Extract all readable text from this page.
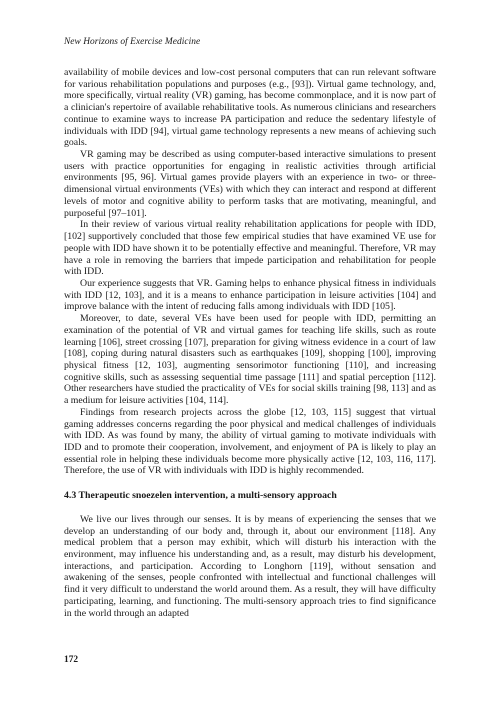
New Horizons of Exercise Medicine

availability of mobile devices and low-cost personal computers that can run relevant software for various rehabilitation populations and purposes (e.g., [93]). Virtual game technology, and, more specifically, virtual reality (VR) gaming, has become commonplace, and it is now part of a clinician's repertoire of available rehabilitative tools. As numerous clinicians and researchers continue to examine ways to increase PA participation and reduce the sedentary lifestyle of individuals with IDD [94], virtual game technology represents a new means of achieving such goals.

VR gaming may be described as using computer-based interactive simulations to present users with practice opportunities for engaging in realistic activities through artificial environments [95, 96]. Virtual games provide players with an experience in two- or three-dimensional virtual environments (VEs) with which they can interact and respond at different levels of motor and cognitive ability to perform tasks that are motivating, meaningful, and purposeful [97–101].

In their review of various virtual reality rehabilitation applications for people with IDD, [102] supportively concluded that those few empirical studies that have examined VE use for people with IDD have shown it to be potentially effective and meaningful. Therefore, VR may have a role in removing the barriers that impede participation and rehabilitation for people with IDD.

Our experience suggests that VR. Gaming helps to enhance physical fitness in individuals with IDD [12, 103], and it is a means to enhance participation in leisure activities [104] and improve balance with the intent of reducing falls among individuals with IDD [105].

Moreover, to date, several VEs have been used for people with IDD, permitting an examination of the potential of VR and virtual games for teaching life skills, such as route learning [106], street crossing [107], preparation for giving witness evidence in a court of law [108], coping during natural disasters such as earthquakes [109], shopping [100], improving physical fitness [12, 103], augmenting sensorimotor functioning [110], and increasing cognitive skills, such as assessing sequential time passage [111] and spatial perception [112]. Other researchers have studied the practicality of VEs for social skills training [98, 113] and as a medium for leisure activities [104, 114].

Findings from research projects across the globe [12, 103, 115] suggest that virtual gaming addresses concerns regarding the poor physical and medical challenges of individuals with IDD. As was found by many, the ability of virtual gaming to motivate individuals with IDD and to promote their cooperation, involvement, and enjoyment of PA is likely to play an essential role in helping these individuals become more physically active [12, 103, 116, 117]. Therefore, the use of VR with individuals with IDD is highly recommended.

4.3 Therapeutic snoezelen intervention, a multi-sensory approach

We live our lives through our senses. It is by means of experiencing the senses that we develop an understanding of our body and, through it, about our environment [118]. Any medical problem that a person may exhibit, which will disturb his interaction with the environment, may influence his understanding and, as a result, may disturb his development, interactions, and participation. According to Longhorn [119], without sensation and awakening of the senses, people confronted with intellectual and functional challenges will find it very difficult to understand the world around them. As a result, they will have difficulty participating, learning, and functioning. The multi-sensory approach tries to find significance in the world through an adapted

172
